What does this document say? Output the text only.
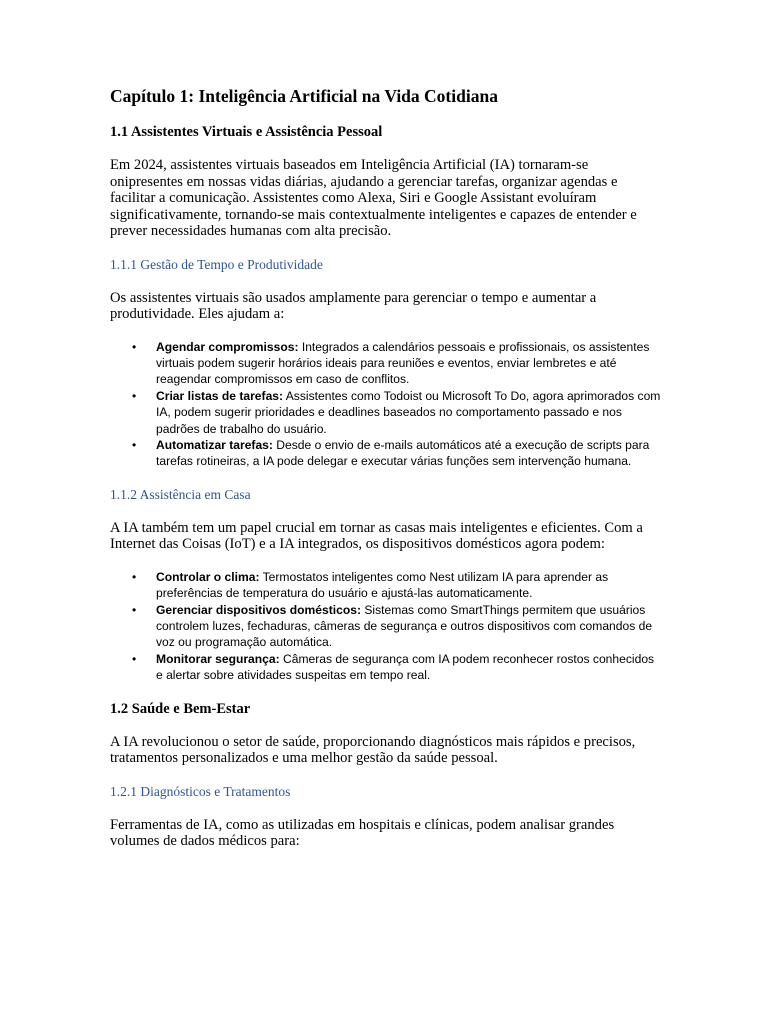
Capítulo 1: Inteligência Artificial na Vida Cotidiana
1.1 Assistentes Virtuais e Assistência Pessoal

Em 2024, assistentes virtuais baseados em Inteligência Artificial (IA) tornaram-se onipresentes em nossas vidas diárias, ajudando a gerenciar tarefas, organizar agendas e facilitar a comunicação. Assistentes como Alexa, Siri e Google Assistant evoluíram significativamente, tornando-se mais contextualmente inteligentes e capazes de entender e prever necessidades humanas com alta precisão.

1.1.1 Gestão de Tempo e Produtividade

Os assistentes virtuais são usados amplamente para gerenciar o tempo e aumentar a produtividade. Eles ajudam a:

• Agendar compromissos: Integrados a calendários pessoais e profissionais, os assistentes virtuais podem sugerir horários ideais para reuniões e eventos, enviar lembretes e até reagendar compromissos em caso de conflitos.
• Criar listas de tarefas: Assistentes como Todoist ou Microsoft To Do, agora aprimorados com IA, podem sugerir prioridades e deadlines baseados no comportamento passado e nos padrões de trabalho do usuário.
• Automatizar tarefas: Desde o envio de e-mails automáticos até a execução de scripts para tarefas rotineiras, a IA pode delegar e executar várias funções sem intervenção humana.
1.1.2 Assistência em Casa

A IA também tem um papel crucial em tornar as casas mais inteligentes e eficientes. Com a Internet das Coisas (IoT) e a IA integrados, os dispositivos domésticos agora podem:

• Controlar o clima: Termostatos inteligentes como Nest utilizam IA para aprender as preferências de temperatura do usuário e ajustá-las automaticamente.
• Gerenciar dispositivos domésticos: Sistemas como SmartThings permitem que usuários controlem luzes, fechaduras, câmeras de segurança e outros dispositivos com comandos de voz ou programação automática.
• Monitorar segurança: Câmeras de segurança com IA podem reconhecer rostos conhecidos e alertar sobre atividades suspeitas em tempo real.
1.2 Saúde e Bem-Estar

A IA revolucionou o setor de saúde, proporcionando diagnósticos mais rápidos e precisos, tratamentos personalizados e uma melhor gestão da saúde pessoal.

1.2.1 Diagnósticos e Tratamentos

Ferramentas de IA, como as utilizadas em hospitais e clínicas, podem analisar grandes volumes de dados médicos para:
